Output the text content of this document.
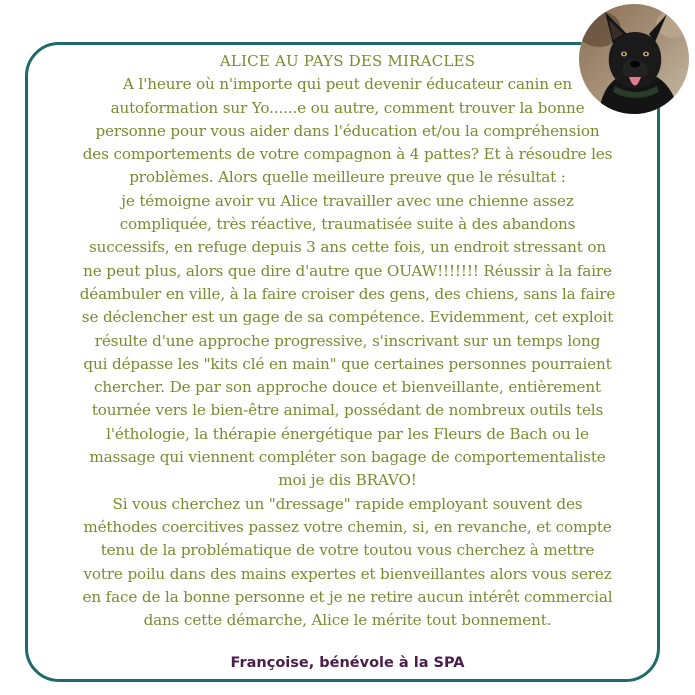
ALICE AU PAYS DES MIRACLES
A l'heure où n'importe qui peut devenir éducateur canin en
autoformation sur Yo......e ou autre, comment trouver la bonne
personne pour vous aider dans l'éducation et/ou la compréhension
des comportements de votre compagnon à 4 pattes? Et à résoudre les
problèmes. Alors quelle meilleure preuve que le résultat :
je témoigne avoir vu Alice travailler avec une chienne assez
compliquée, très réactive, traumatisée suite à des abandons
successifs, en refuge depuis 3 ans cette fois, un endroit stressant on
ne peut plus, alors que dire d'autre que OUAW!!!!!!! Réussir à la faire
déambuler en ville, à la faire croiser des gens, des chiens, sans la faire
se déclencher est un gage de sa compétence. Evidemment, cet exploit
résulte d'une approche progressive, s'inscrivant sur un temps long
qui dépasse les "kits clé en main" que certaines personnes pourraient
chercher. De par son approche douce et bienveillante, entièrement
tournée vers le bien-être animal, possédant de nombreux outils tels
l'éthologie, la thérapie énergétique par les Fleurs de Bach ou le
massage qui viennent compléter son bagage de comportementaliste
moi je dis BRAVO!
Si vous cherchez un "dressage" rapide employant souvent des
méthodes coercitives passez votre chemin, si, en revanche, et compte
tenu de la problématique de votre toutou vous cherchez à mettre
votre poilu dans des mains expertes et bienveillantes alors vous serez
en face de la bonne personne et je ne retire aucun intérêt commercial
dans cette démarche, Alice le mérite tout bonnement.
Françoise, bénévole à la SPA
